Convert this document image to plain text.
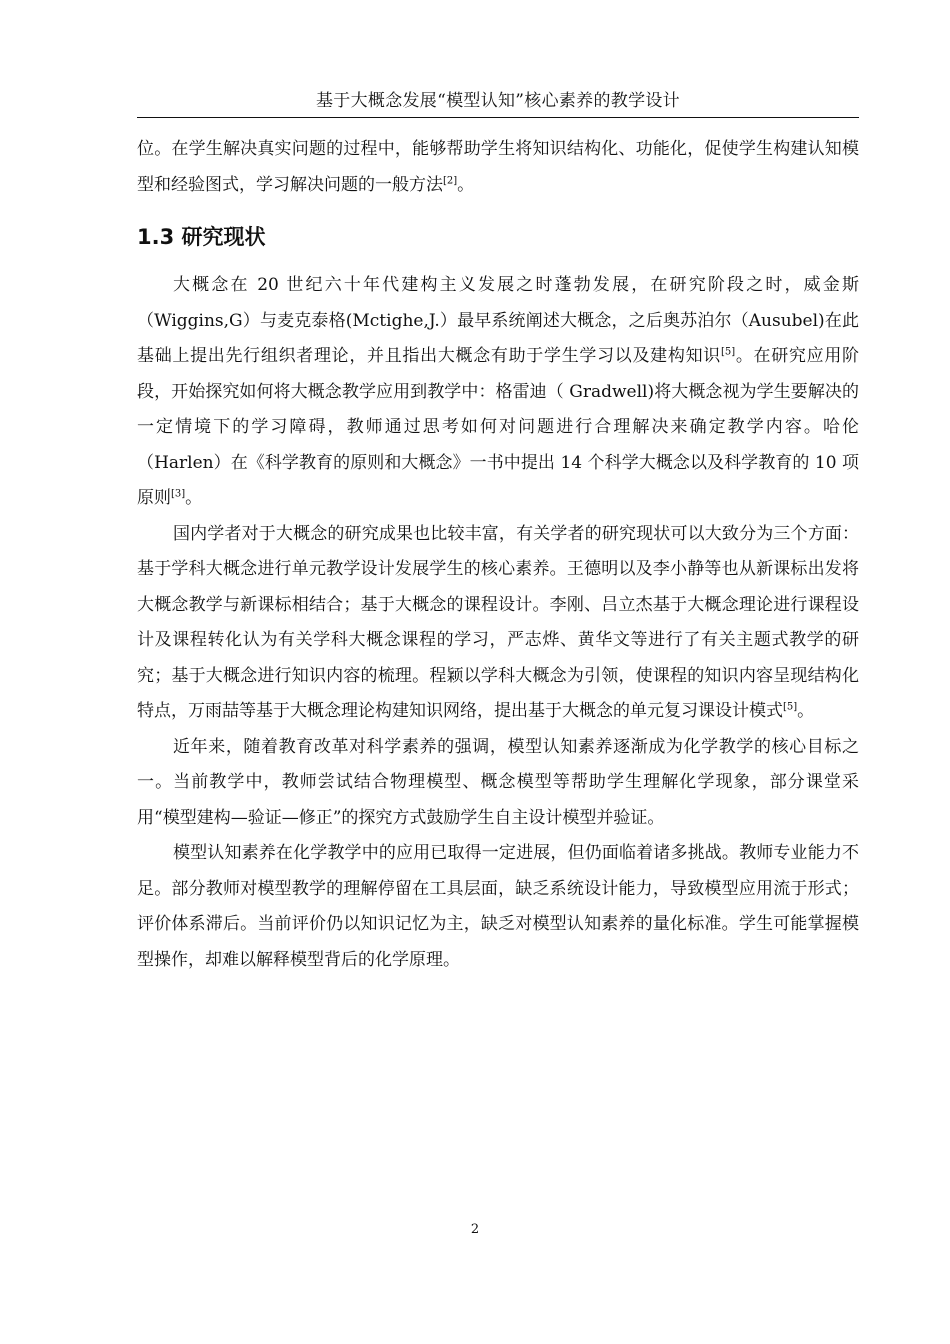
基于大概念发展“模型认知”核心素养的教学设计

位。在学生解决真实问题的过程中，能够帮助学生将知识结构化、功能化，促使学生构建认知模型和经验图式，学习解决问题的一般方法[2]。

1.3 研究现状

大概念在 20 世纪六十年代建构主义发展之时蓬勃发展，在研究阶段之时，威金斯（Wiggins,G）与麦克泰格(Mctighe,J.）最早系统阐述大概念，之后奥苏泊尔（Ausubel)在此基础上提出先行组织者理论，并且指出大概念有助于学生学习以及建构知识[5]。在研究应用阶段，开始探究如何将大概念教学应用到教学中：格雷迪（ Gradwell)将大概念视为学生要解决的一定情境下的学习障碍，教师通过思考如何对问题进行合理解决来确定教学内容。哈伦（Harlen）在《科学教育的原则和大概念》一书中提出 14 个科学大概念以及科学教育的 10 项原则[3]。

国内学者对于大概念的研究成果也比较丰富，有关学者的研究现状可以大致分为三个方面：基于学科大概念进行单元教学设计发展学生的核心素养。王德明以及李小静等也从新课标出发将大概念教学与新课标相结合；基于大概念的课程设计。李刚、吕立杰基于大概念理论进行课程设计及课程转化认为有关学科大概念课程的学习，严志烨、黄华文等进行了有关主题式教学的研究；基于大概念进行知识内容的梳理。程颖以学科大概念为引领，使课程的知识内容呈现结构化特点，万雨喆等基于大概念理论构建知识网络，提出基于大概念的单元复习课设计模式[5]。

近年来，随着教育改革对科学素养的强调，模型认知素养逐渐成为化学教学的核心目标之一。当前教学中，教师尝试结合物理模型、概念模型等帮助学生理解化学现象，部分课堂采用“模型建构—验证—修正”的探究方式鼓励学生自主设计模型并验证。

模型认知素养在化学教学中的应用已取得一定进展，但仍面临着诸多挑战。教师专业能力不足。部分教师对模型教学的理解停留在工具层面，缺乏系统设计能力，导致模型应用流于形式；评价体系滞后。当前评价仍以知识记忆为主，缺乏对模型认知素养的量化标准。学生可能掌握模型操作，却难以解释模型背后的化学原理。

2
